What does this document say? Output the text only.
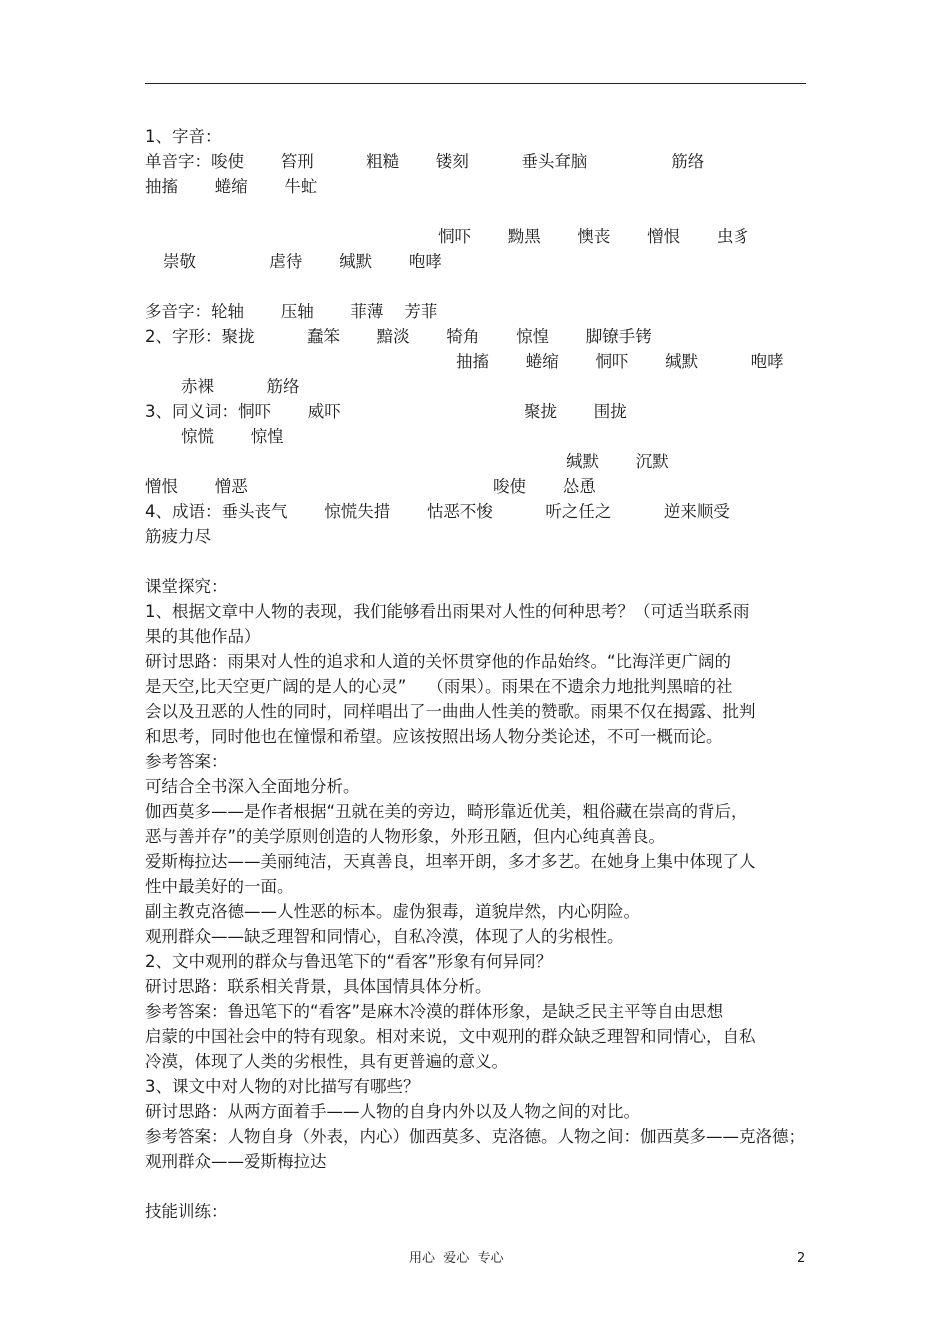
1、字音：
单音字：唆使       笞刑          粗糙       镂刻          垂头耷脑                筋络
抽搐       蜷缩       牛虻
恫吓       黝黑       懊丧       憎恨       虫豸
崇敬              虐待       缄默       咆哮
多音字：轮轴       压轴       菲薄    芳菲
2、字形：聚拢          蠢笨       黯淡       犄角       惊惶       脚镣手铐
抽搐       蜷缩       恫吓       缄默          咆哮
赤裸          筋络
3、同义词：恫吓       威吓	聚拢       围拢
惊慌       惊惶
缄默       沉默
憎恨       憎恶	唆使       怂恿
4、成语：垂头丧气       惊慌失措       怙恶不悛          听之任之          逆来顺受
筋疲力尽
课堂探究：
1、根据文章中人物的表现，我们能够看出雨果对人性的何种思考？（可适当联系雨
果的其他作品）
研讨思路：雨果对人性的追求和人道的关怀贯穿他的作品始终。“比海洋更广阔的
是天空,比天空更广阔的是人的心灵”    （雨果）。雨果在不遗余力地批判黑暗的社
会以及丑恶的人性的同时，同样唱出了一曲曲人性美的赞歌。雨果不仅在揭露、批判
和思考，同时他也在憧憬和希望。应该按照出场人物分类论述，不可一概而论。
参考答案：
可结合全书深入全面地分析。
伽西莫多——是作者根据“丑就在美的旁边，畸形靠近优美，粗俗藏在崇高的背后，
恶与善并存”的美学原则创造的人物形象，外形丑陋，但内心纯真善良。
爱斯梅拉达——美丽纯洁，天真善良，坦率开朗，多才多艺。在她身上集中体现了人
性中最美好的一面。
副主教克洛德——人性恶的标本。虚伪狠毒，道貌岸然，内心阴险。
观刑群众——缺乏理智和同情心，自私冷漠，体现了人的劣根性。
2、文中观刑的群众与鲁迅笔下的“看客”形象有何异同？
研讨思路：联系相关背景，具体国情具体分析。
参考答案：鲁迅笔下的“看客”是麻木冷漠的群体形象，是缺乏民主平等自由思想
启蒙的中国社会中的特有现象。相对来说，文中观刑的群众缺乏理智和同情心，自私
冷漠，体现了人类的劣根性，具有更普遍的意义。
3、课文中对人物的对比描写有哪些？
研讨思路：从两方面着手——人物的自身内外以及人物之间的对比。
参考答案：人物自身（外表，内心）伽西莫多、克洛德。人物之间：伽西莫多——克洛德；
观刑群众——爱斯梅拉达
技能训练：
用心  爱心  专心	2
